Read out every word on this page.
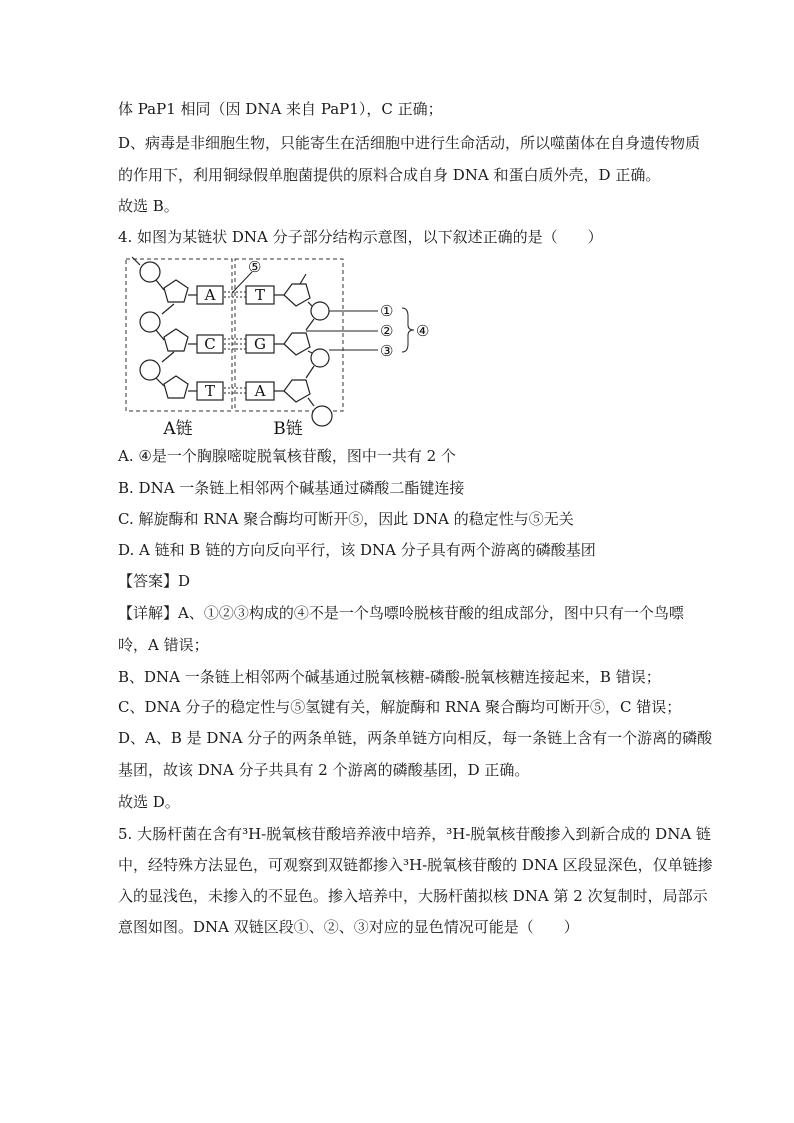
体 PaP1 相同（因 DNA 来自 PaP1），C 正确；
D、病毒是非细胞生物，只能寄生在活细胞中进行生命活动，所以噬菌体在自身遗传物质
的作用下，利用铜绿假单胞菌提供的原料合成自身 DNA 和蛋白质外壳，D 正确。
故选 B。
4. 如图为某链状 DNA 分子部分结构示意图，以下叙述正确的是（　　）
A
C
T
T
G
A
⑤
①
②
③
④
A链	B链
A. ④是一个胸腺嘧啶脱氧核苷酸，图中一共有 2 个
B. DNA 一条链上相邻两个碱基通过磷酸二酯键连接
C. 解旋酶和 RNA 聚合酶均可断开⑤，因此 DNA 的稳定性与⑤无关
D. A 链和 B 链的方向反向平行，该 DNA 分子具有两个游离的磷酸基团
【答案】D
【详解】A、①②③构成的④不是一个鸟嘌呤脱核苷酸的组成部分，图中只有一个鸟嘌
呤，A 错误；
B、DNA 一条链上相邻两个碱基通过脱氧核糖-磷酸-脱氧核糖连接起来，B 错误；
C、DNA 分子的稳定性与⑤氢键有关，解旋酶和 RNA 聚合酶均可断开⑤，C 错误；
D、A、B 是 DNA 分子的两条单链，两条单链方向相反，每一条链上含有一个游离的磷酸
基团，故该 DNA 分子共具有 2 个游离的磷酸基团，D 正确。
故选 D。
5. 大肠杆菌在含有³H-脱氧核苷酸培养液中培养，³H-脱氧核苷酸掺入到新合成的 DNA 链
中，经特殊方法显色，可观察到双链都掺入³H-脱氧核苷酸的 DNA 区段显深色，仅单链掺
入的显浅色，未掺入的不显色。掺入培养中，大肠杆菌拟核 DNA 第 2 次复制时，局部示
意图如图。DNA 双链区段①、②、③对应的显色情况可能是（　　）
